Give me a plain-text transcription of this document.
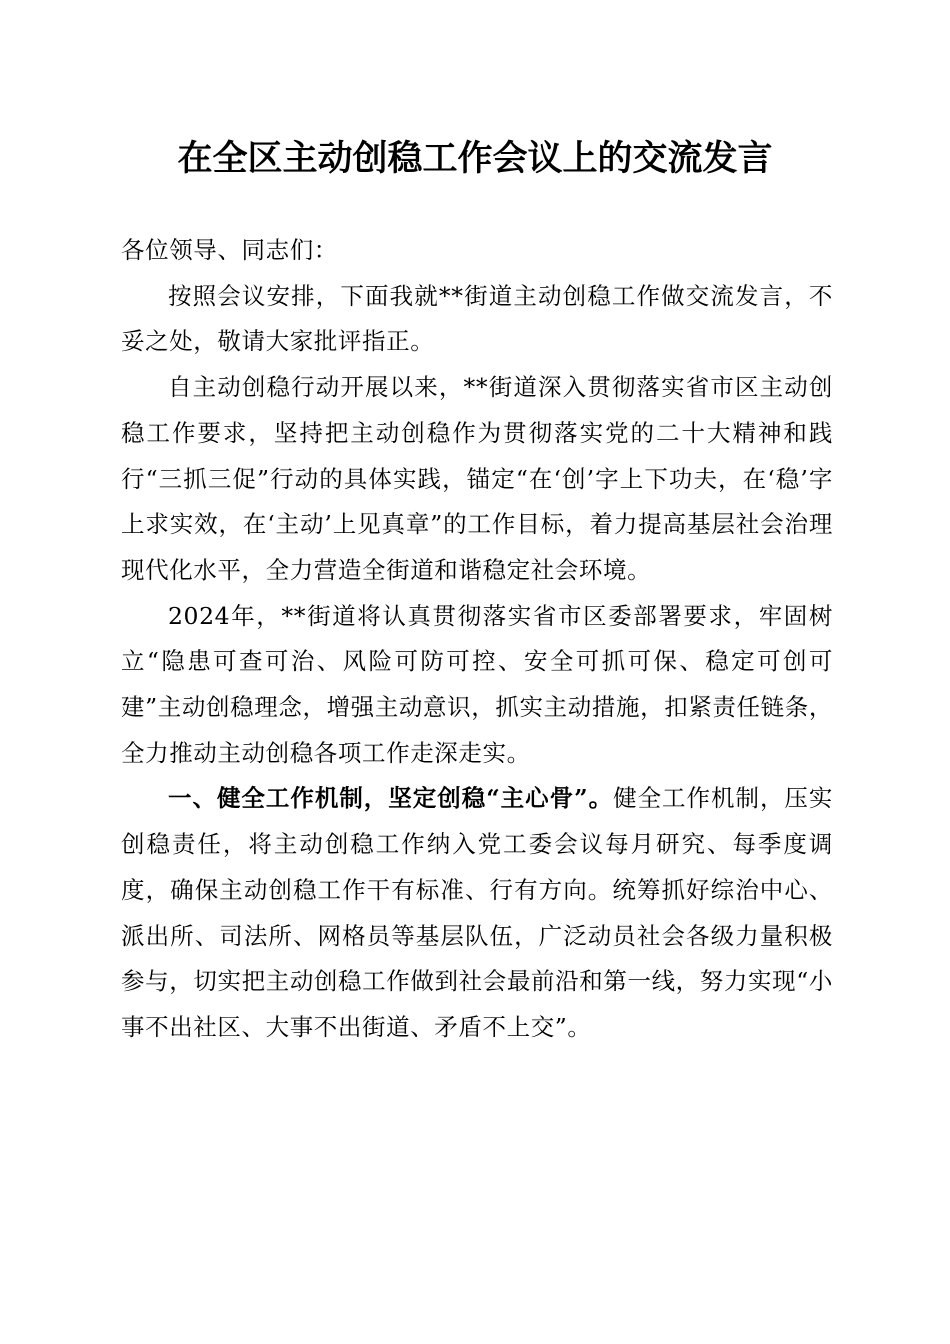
在全区主动创稳工作会议上的交流发言

各位领导、同志们：

按照会议安排，下面我就**街道主动创稳工作做交流发言，不妥之处，敬请大家批评指正。

自主动创稳行动开展以来，**街道深入贯彻落实省市区主动创稳工作要求，坚持把主动创稳作为贯彻落实党的二十大精神和践行“三抓三促”行动的具体实践，锚定“在‘创’字上下功夫，在‘稳’字上求实效，在‘主动’上见真章”的工作目标，着力提高基层社会治理现代化水平，全力营造全街道和谐稳定社会环境。

2024年，**街道将认真贯彻落实省市区委部署要求，牢固树立“隐患可查可治、风险可防可控、安全可抓可保、稳定可创可建”主动创稳理念，增强主动意识，抓实主动措施，扣紧责任链条，全力推动主动创稳各项工作走深走实。

一、健全工作机制，坚定创稳“主心骨”。健全工作机制，压实创稳责任，将主动创稳工作纳入党工委会议每月研究、每季度调度，确保主动创稳工作干有标准、行有方向。统筹抓好综治中心、派出所、司法所、网格员等基层队伍，广泛动员社会各级力量积极参与，切实把主动创稳工作做到社会最前沿和第一线，努力实现“小事不出社区、大事不出街道、矛盾不上交”。
